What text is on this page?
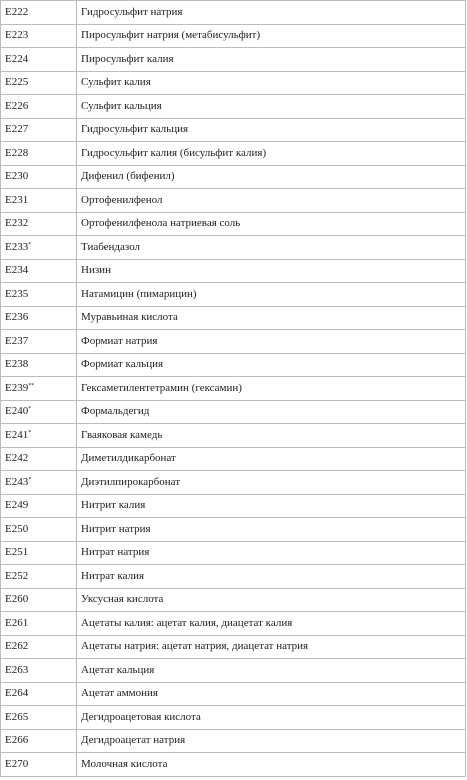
E222	Гидросульфит натрия
E223	Пиросульфит натрия (метабисульфит)
E224	Пиросульфит калия
E225	Сульфит калия
E226	Сульфит кальция
E227	Гидросульфит кальция
E228	Гидросульфит калия (бисульфит калия)
E230	Дифенил (бифенил)
E231	Ортофенилфенол
E232	Ортофенилфенола натриевая соль
E233*	Тиабендазол
E234	Низин
E235	Натамицин (пимарицин)
E236	Муравьиная кислота
E237	Формиат натрия
E238	Формиат кальция
E239**	Гексаметилентетрамин (гексамин)
E240*	Формальдегид
E241*	Гваяковая камедь
E242	Диметилдикарбонат
E243*	Диэтилпирокарбонат
E249	Нитрит калия
E250	Нитрит натрия
E251	Нитрат натрия
E252	Нитрат калия
E260	Уксусная кислота
E261	Ацетаты калия: ацетат калия, диацетат калия
E262	Ацетаты натрия: ацетат натрия, диацетат натрия
E263	Ацетат кальция
E264	Ацетат аммония
E265	Дегидроацетовая кислота
E266	Дегидроацетат натрия
E270	Молочная кислота
